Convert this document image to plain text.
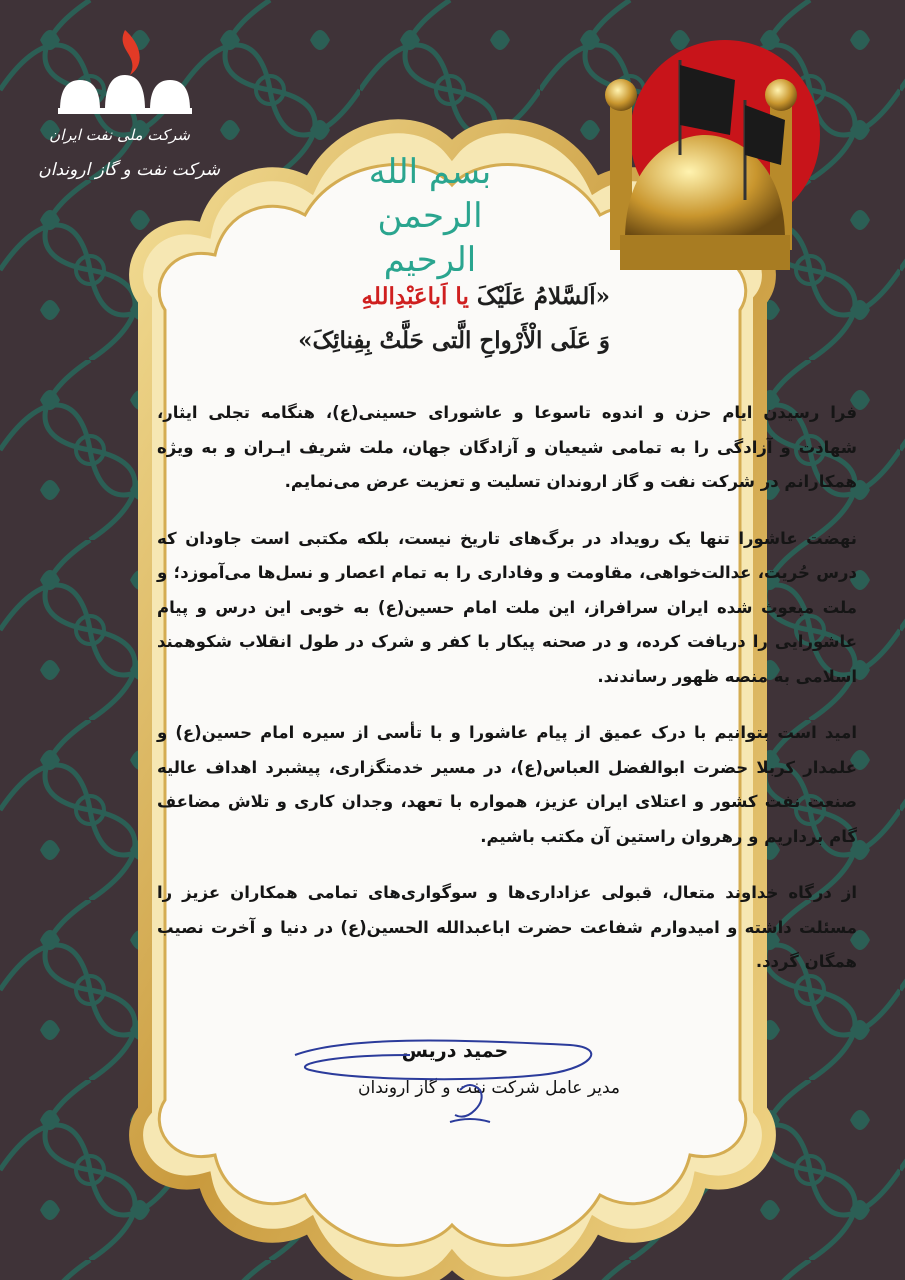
شرکت ملی نفت ایران
شرکت نفت و گاز اروندان	بسم الله
الرحمن الرحیم
«اَلسَّلامُ عَلَیْکَ یا اَباعَبْدِاللهِ
وَ عَلَی الْأَرْواحِ الَّتی حَلَّتْ بِفِنائِکَ»

فرا رسیدن ایام حزن و اندوه تاسوعا و عاشورای حسینی(ع)، هنگامه تجلی ایثار، شهادت و آزادگی را به تمامی شیعیان و آزادگان جهان، ملت شریف ایـران و به ویژه همکارانم در شرکت نفت و گاز اروندان تسلیت و تعزیت عرض می‌نمایم.

نهضت عاشورا تنها یک رویداد در برگ‌های تاریخ نیست، بلکه مکتبی است جاودان که درس حُریت، عدالت‌خواهی، مقاومت و وفاداری را به تمام اعصار و نسل‌ها می‌آموزد؛ و ملت مبعوث شده ایران سرافراز، این ملت امام حسین(ع) به خوبی این درس و پیام عاشورایی را دریافت کرده، و در صحنه پیکار با کفر و شرک در طول انقلاب شکوهمند اسلامی به منصه ظهور رساندند.

امید است بتوانیم با درک عمیق از پیام عاشورا و با تأسی از سیره امام حسین(ع) و علمدار کربلا حضرت ابوالفضل العباس(ع)، در مسیر خدمتگزاری، پیشبرد اهداف عالیه صنعت نفت کشور و اعتلای ایران عزیز، همواره با تعهد، وجدان کاری و تلاش مضاعف گام برداریم و رهروان راستین آن مکتب باشیم.

از درگاه خداوند متعال، قبولی عزاداری‌ها و سوگواری‌های تمامی همکاران عزیز را مسئلت داشته و امیدوارم شفاعت حضرت اباعبدالله الحسین(ع) در دنیا و آخرت نصیب همگان گردد.

حمید دریس
مدیر عامل شرکت نفت و گاز اروندان
